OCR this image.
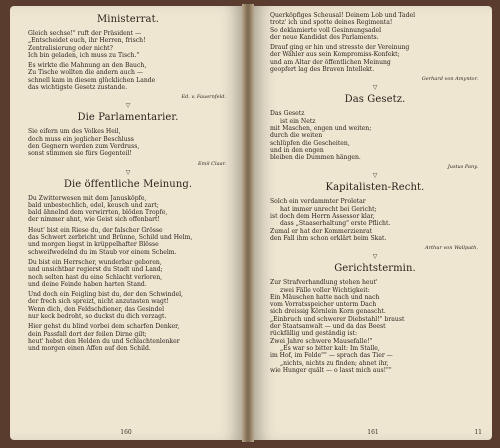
Ministerrat.

Gleich sechse!" ruft der Präsident —
„Entscheidet euch, ihr Herren, frisch!
Zentralisierung oder nicht?
Ich bin geladen, ich muss zu Tisch."

Es wirkte die Mahnung an den Bauch,
Zu Tische wollten die andern auch —
schnell kam in diesem glücklichen Lande
das wichtigste Gesetz zustande.

Ed. v. Fauernfeld.
▽
Die Parlamentarier.

Sie eifern um des Volkes Heil,
doch muss ein jeglicher Beschluss
den Gegnern werden zum Verdruss,
sonst stimmen sie fürs Gegenteil!

Emil Claar.
▽
Die öffentliche Meinung.

Du Zwitterwesen mit dem Janusköpfe,
bald unbestechlich, edel, keusch und zart;
bald ähnelnd dem verwirrten, blöden Tropfe,
der nimmer ahnt, wie Geist sich offenbart!

Heut' bist ein Riese du, der falscher Grösse
das Schwert zerbricht und Brünne, Schild und Helm,
und morgen liegst in krüppelhafter Blösse
schweifwedelnd du im Staub vor einem Schelm.

Du bist ein Herrscher, wunderbar geboren,
und unsichtbar regierst du Stadt und Land;
noch selten hast du eine Schlacht verloren,
und deine Feinde haben harten Stand.

Und doch ein Feigling bist du, der den Schwindel,
der frech sich spreizt, nicht anzutasten wagt!
Wenn dich, den Feldschdiener, das Gesindel
nur keck bedroht, so duckst du dich verzagt.

Hier gehst du blind vorbei dem scharfen Denker,
dein Passfall dort der feilen Dirne gilt;
heut' hebst den Helden du und Schlachtenlenker
und morgen einen Affen auf den Schild.

160

Querköpfiges Scheusal! Deinem Lob und Tadel
trotz' ich und spotte deines Regimenta!
So deklamierte voll Gesinnungsadel
der neue Kandidat des Parlaments.

Drauf ging er hin und stresste der Vereinung
der Wähler aus sein Kompromiss-Konfekt;
und am Altar der öffentlichen Meinung
geopfert lag des Braven Intellekt.

Gerhard von Amyntor.
▽
Das Gesetz.

Das Gesetz
ist ein Netz
mit Maschen, engen und weiten;
durch die weiten
schlüpfen die Gescheiten,
und in den engen
bleiben die Dummen hängen.

Justus Pany.
▽
Kapitalisten-Recht.

Solch ein verdammter Proletar
hat immer unrecht bei Gericht;
ist doch dem Herrn Assessor klar,
dass „Staaserhaltung" erste Pflicht.
Zumal er hat der Kommerzienrat
den Fall ihm schon erklärt beim Skat.

Arthur von Wallpath.
▽
Gerichtstermin.

Zur Strafverhandlung stehen heut'
zwei Fälle voller Wichtigkeit:
Ein Mäuschen hatte nach und nach
vom Vorratsspeicher unterm Dach
sich dreissig Körnlein Korn genascht.
„Einbruch und schwerer Diebstahl!" braust
der Staatsanwalt — und da das Beest
rückfällig und geständig ist:
Zwei Jahre schwere Mausefalle!"
„Es war so bitter kalt: Im Stalle,
im Hof, im Felde"" — sprach das Tier —
„nichts, nichts zu finden; ahnet ihr,
wie Hunger quält — o lasst mich aus!""

161	11
